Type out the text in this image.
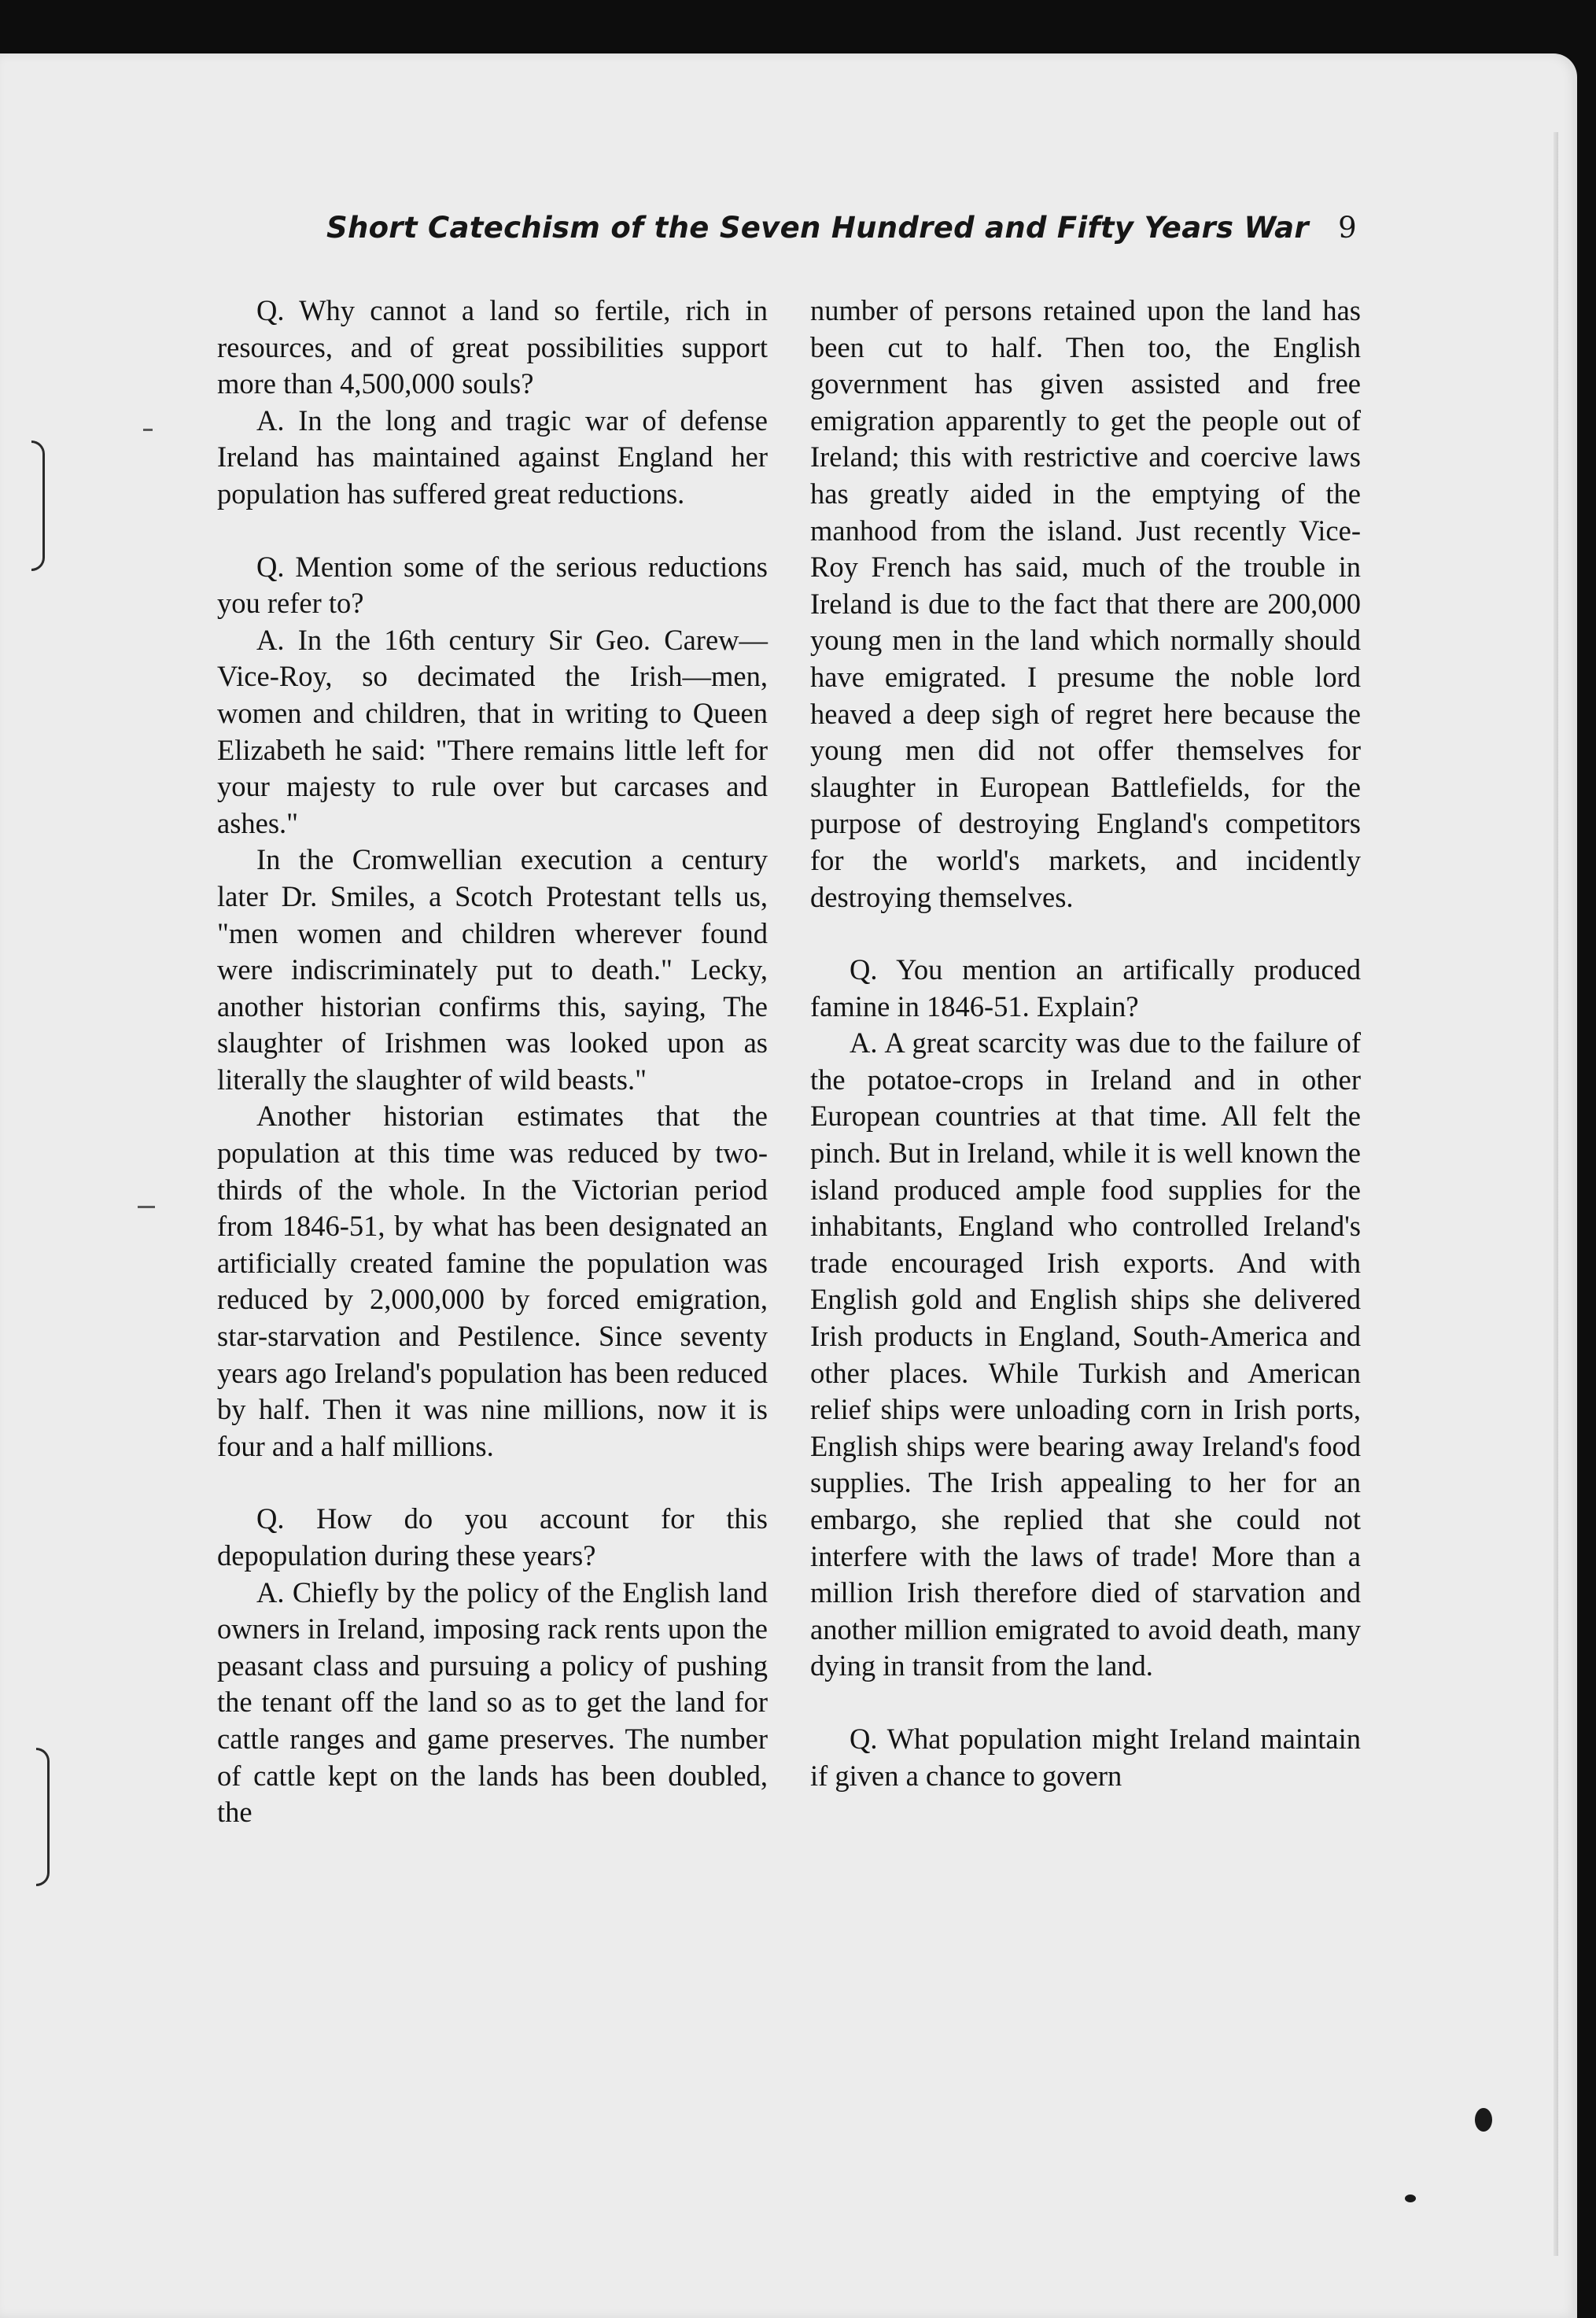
Short Catechism of the Seven Hundred and Fifty Years War 9

Q. Why cannot a land so fertile, rich in resources, and of great possibilities support more than 4,500,000 souls?

A. In the long and tragic war of defense Ireland has maintained against England her population has suffered great reductions.

Q. Mention some of the serious reductions you refer to?

A. In the 16th century Sir Geo. Carew—Vice-Roy, so decimated the Irish—men, women and children, that in writing to Queen Elizabeth he said: "There remains little left for your majesty to rule over but carcases and ashes."

In the Cromwellian execution a century later Dr. Smiles, a Scotch Protestant tells us, "men women and children wherever found were indiscriminately put to death." Lecky, another historian confirms this, saying, The slaughter of Irishmen was looked upon as literally the slaughter of wild beasts."

Another historian estimates that the population at this time was reduced by two-thirds of the whole. In the Victorian period from 1846-51, by what has been designated an artificially created famine the population was reduced by 2,000,000 by forced emigration, star-starvation and Pestilence. Since seventy years ago Ireland's population has been reduced by half. Then it was nine millions, now it is four and a half millions.

Q. How do you account for this depopulation during these years?

A. Chiefly by the policy of the English land owners in Ireland, imposing rack rents upon the peasant class and pursuing a policy of pushing the tenant off the land so as to get the land for cattle ranges and game preserves. The number of cattle kept on the lands has been doubled, the

number of persons retained upon the land has been cut to half. Then too, the English government has given assisted and free emigration apparently to get the people out of Ireland; this with restrictive and coercive laws has greatly aided in the emptying of the manhood from the island. Just recently Vice-Roy French has said, much of the trouble in Ireland is due to the fact that there are 200,000 young men in the land which normally should have emigrated. I presume the noble lord heaved a deep sigh of regret here because the young men did not offer themselves for slaughter in European Battlefields, for the purpose of destroying England's competitors for the world's markets, and incidently destroying themselves.

Q. You mention an artifically produced famine in 1846-51. Explain?

A. A great scarcity was due to the failure of the potatoe-crops in Ireland and in other European countries at that time. All felt the pinch. But in Ireland, while it is well known the island produced ample food supplies for the inhabitants, England who controlled Ireland's trade encouraged Irish exports. And with English gold and English ships she delivered Irish products in England, South-America and other places. While Turkish and American relief ships were unloading corn in Irish ports, English ships were bearing away Ireland's food supplies. The Irish appealing to her for an embargo, she replied that she could not interfere with the laws of trade! More than a million Irish therefore died of starvation and another million emigrated to avoid death, many dying in transit from the land.

Q. What population might Ireland maintain if given a chance to govern
